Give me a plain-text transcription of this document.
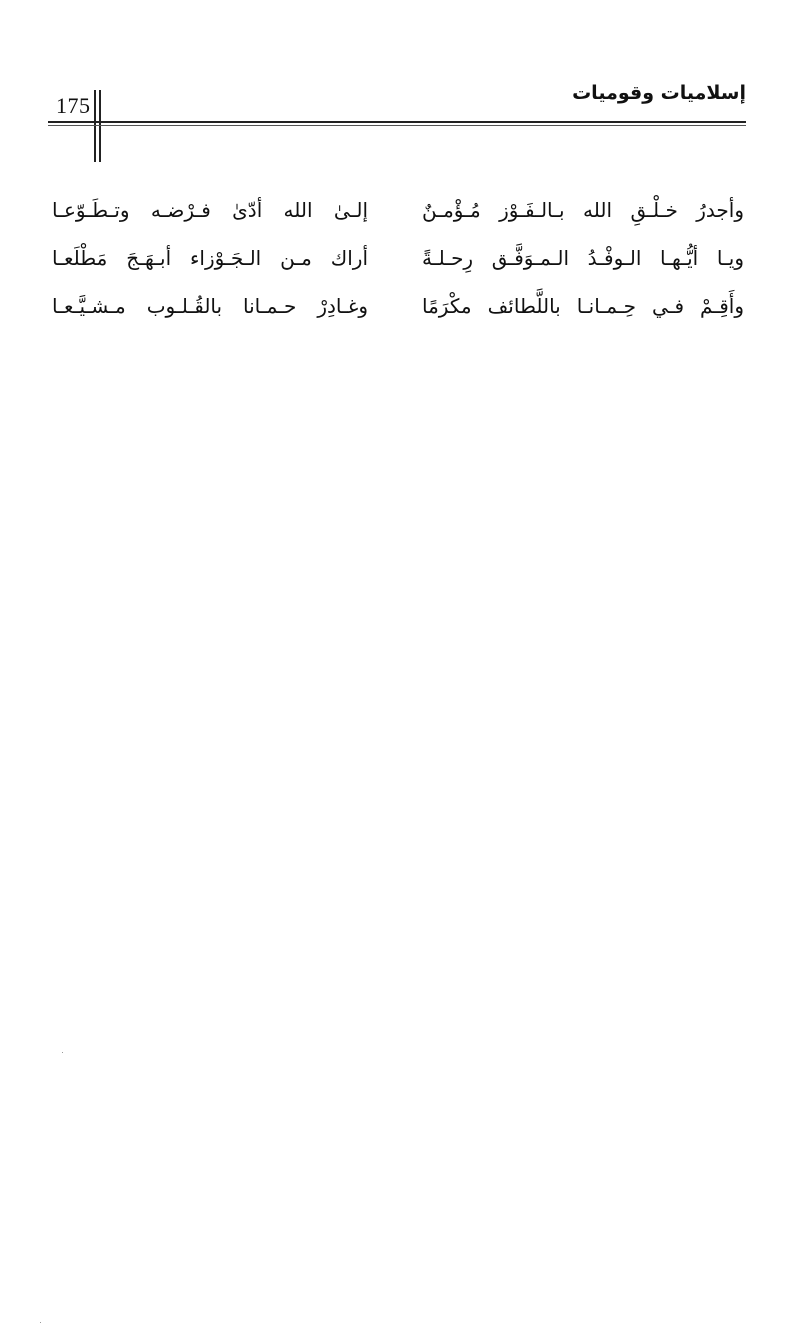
175	إسلاميات وقوميات
وأجدرُ خـلْـقِ الله بـالـفَـوْز مُـؤْمـنٌ
إلـىٰ الله أدّىٰ فـرْضـه وتـطَـوّعـا
ويـا أيُّـهـا الـوفْـدُ الـمـوَفَّـق رِحـلـةً
أراك مـن الـجَـوْزاء أبـهَـجَ مَطْلَعـا
وأَقِـمْ فـي حِـمـانـا باللَّطائف مكْرَمًا
وغـادِرْ حـمـانا بالقُـلـوب مـشـيَّـعـا
